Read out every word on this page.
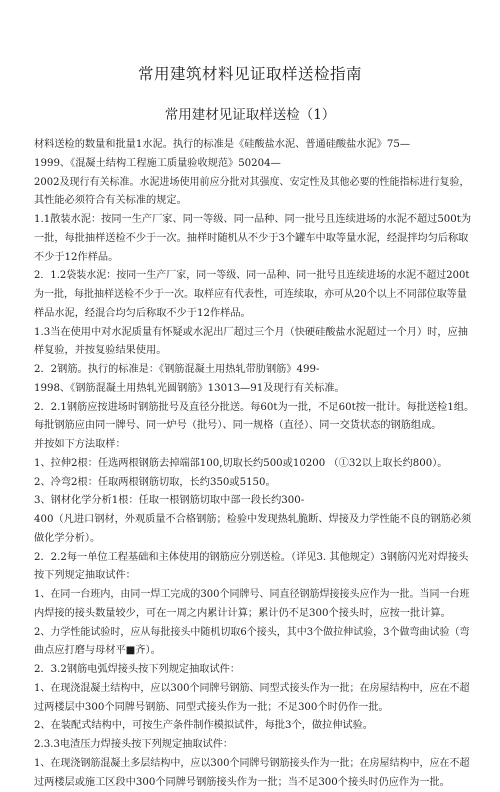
常用建筑材料见证取样送检指南
常用建材见证取样送检（1）
材料送检的数量和批量1水泥。执行的标准是《硅酸盐水泥、普通硅酸盐水泥》75—
1999、《混凝土结构工程施工质量验收规范》50204—
2002及现行有关标准。水泥进场使用前应分批对其强度、安定性及其他必要的性能指标进行复验，
其性能必须符合有关标准的规定。
1.1散装水泥：按同一生产厂家、同一等级、同一品种、同一批号且连续进场的水泥不超过500t为
一批，每批抽样送检不少于一次。抽样时随机从不少于3个罐车中取等量水泥，经混拌均匀后称取
不少于12作样品。
2．1.2袋装水泥：按同一生产厂家，同一等级、同一品种、同一批号且连续进场的水泥不超过200t
为一批，每批抽样送检不少于一次。取样应有代表性，可连续取，亦可从20个以上不同部位取等量
样品水泥，经混合均匀后称取不少于12作样品。
1.3当在使用中对水泥质量有怀疑或水泥出厂超过三个月（快硬硅酸盐水泥超过一个月）时，应抽
样复验，并按复验结果使用。
2．2钢筋。执行的标准是：《钢筋混凝土用热轧带肋钢筋》499-
1998、《钢筋混凝土用热轧光圆钢筋》13013—91及现行有关标准。
2．2.1钢筋应按进场时钢筋批号及直径分批送。每60t为一批，不足60t按一批计。每批送检1组。
每批钢筋应由同一牌号、同一炉号（批号）、同一规格（直径）、同一交货状态的钢筋组成。
并按如下方法取样：
1、拉伸2根：任选两根钢筋去掉端部100,切取长约500或10200 （①32以上取长约800）。
2、冷弯2根：任取两根钢筋切取，长约350或5150。
3、钢材化学分析1根：任取一根钢筋切取中部一段长约300-
400（凡进口钢材，外观质量不合格钢筋；检验中发现热轧脆断、焊接及力学性能不良的钢筋必须
做化学分析）。
2．2.2每一单位工程基础和主体使用的钢筋应分别送检。（详见3. 其他规定）3钢筋闪光对焊接头
按下列规定抽取试件：
1、在同一台班内，由同一焊工完成的300个同牌号、同直径钢筋焊接接头应作为一批。当同一台班
内焊接的接头数量较少，可在一周之内累计计算；累计仍不足300个接头时，应按一批计算。
2、力学性能试验时，应从每批接头中随机切取6个接头，其中3个做拉伸试验，3个做弯曲试验（弯
曲点应打磨与母材平■齐）。
2．3.2钢筋电弧焊接头按下列规定抽取试件：
1、在现浇混凝土结构中，应以300个同牌号钢筋、同型式接头作为一批；在房屋结构中，应在不超
过两楼层中300个同牌号钢筋、同型式接头作为一批；不足300个时仍作一批。
2、在装配式结构中，可按生产条件制作模拟试件，每批3个，做拉伸试验。
2.3.3电渣压力焊接头按下列规定抽取试件：
1、在现浇钢筋混凝土多层结构中，应以300个同牌号钢筋接头作为一批；在房屋结构中，应在不超
过两楼层或施工区段中300个同牌号钢筋接头作为一批；当不足300个接头时仍应作为一批。
